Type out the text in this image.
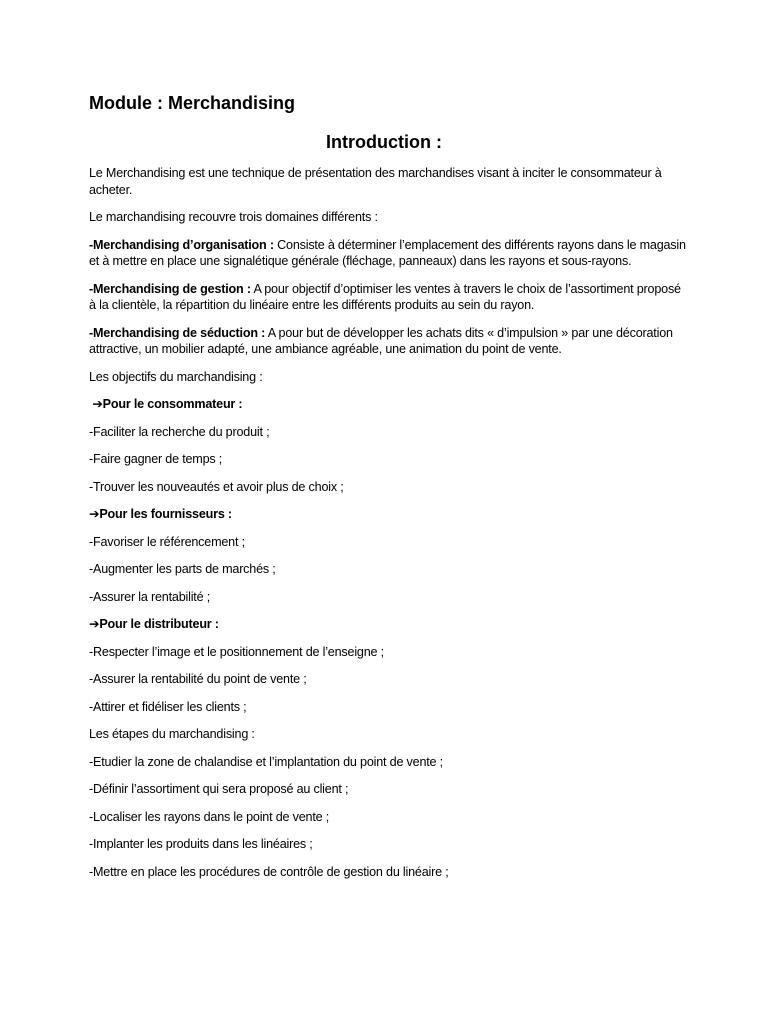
Module : Merchandising
Introduction :

Le Merchandising est une technique de présentation des marchandises visant à inciter le consommateur à acheter.

Le marchandising recouvre trois domaines différents :

-Merchandising d’organisation : Consiste à déterminer l’emplacement des différents rayons dans le magasin et à mettre en place une signalétique générale (fléchage, panneaux) dans les rayons et sous-rayons.

-Merchandising de gestion : A pour objectif d’optimiser les ventes à travers le choix de l’assortiment proposé à la clientèle, la répartition du linéaire entre les différents produits au sein du rayon.

-Merchandising de séduction : A pour but de développer les achats dits « d’impulsion » par une décoration attractive, un mobilier adapté, une ambiance agréable, une animation du point de vente.

Les objectifs du marchandising :

➔Pour le consommateur :

-Faciliter la recherche du produit ;

-Faire gagner de temps ;

-Trouver les nouveautés et avoir plus de choix ;

➔Pour les fournisseurs :

-Favoriser le référencement ;

-Augmenter les parts de marchés ;

-Assurer la rentabilité ;

➔Pour le distributeur :

-Respecter l’image et le positionnement de l’enseigne ;

-Assurer la rentabilité du point de vente ;

-Attirer et fidéliser les clients ;

Les étapes du marchandising :

-Etudier la zone de chalandise et l’implantation du point de vente ;

-Définir l’assortiment qui sera proposé au client ;

-Localiser les rayons dans le point de vente ;

-Implanter les produits dans les linéaires ;

-Mettre en place les procédures de contrôle de gestion du linéaire ;
